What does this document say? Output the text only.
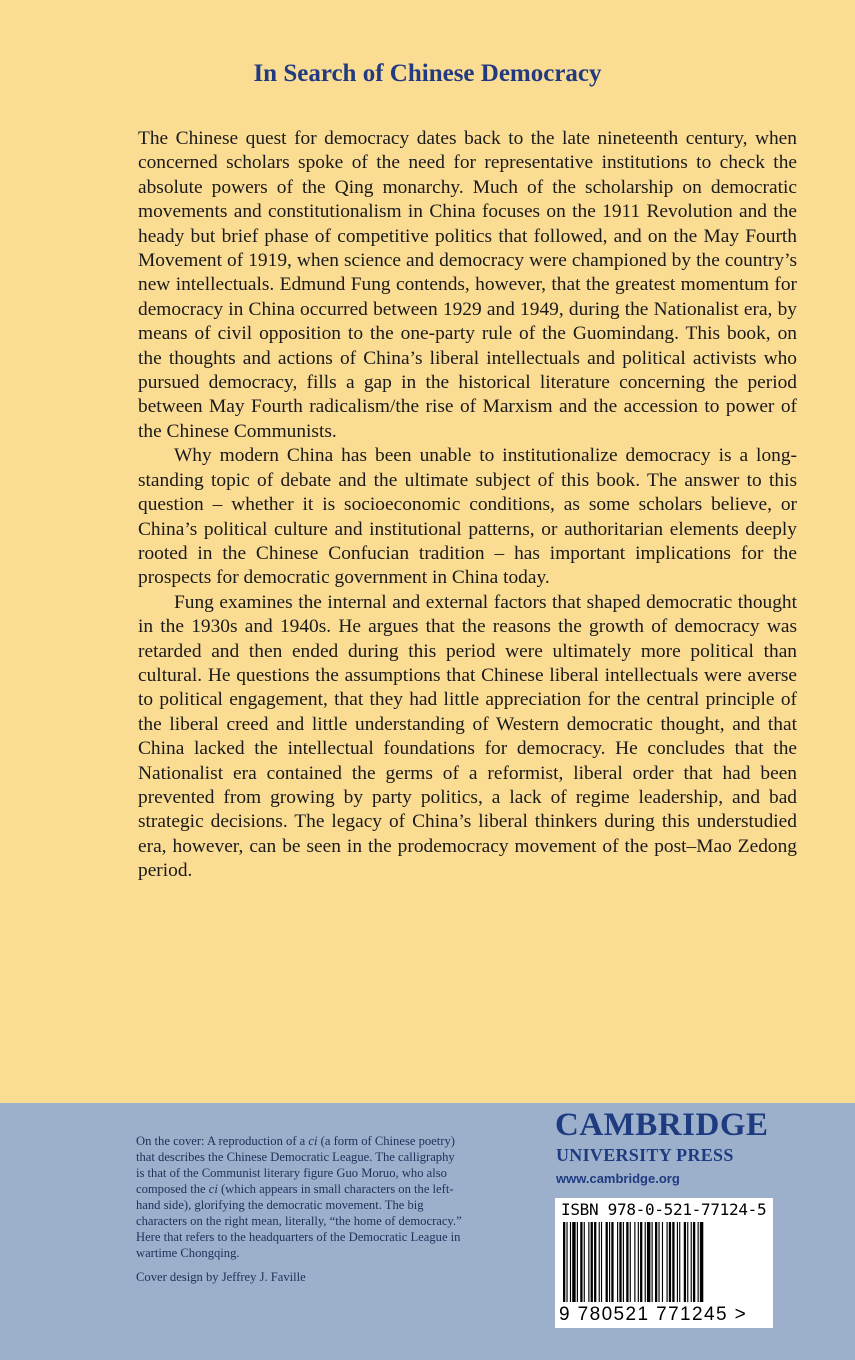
In Search of Chinese Democracy

The Chinese quest for democracy dates back to the late nineteenth century, when concerned scholars spoke of the need for representative institutions to check the absolute powers of the Qing monarchy. Much of the scholarship on democratic movements and constitutionalism in China focuses on the 1911 Revolution and the heady but brief phase of competitive politics that followed, and on the May Fourth Movement of 1919, when science and democracy were championed by the country’s new intellectuals. Edmund Fung contends, however, that the greatest momentum for democracy in China occurred between 1929 and 1949, during the Nationalist era, by means of civil opposition to the one-party rule of the Guomindang. This book, on the thoughts and actions of China’s liberal intellectuals and political activists who pursued democracy, fills a gap in the historical literature concerning the period between May Fourth radicalism/the rise of Marxism and the accession to power of the Chinese Communists.

Why modern China has been unable to institutionalize democracy is a long-standing topic of debate and the ultimate subject of this book. The answer to this question – whether it is socioeconomic conditions, as some scholars believe, or China’s political culture and institutional patterns, or authoritarian elements deeply rooted in the Chinese Confucian tradition – has important implications for the prospects for democratic government in China today.

Fung examines the internal and external factors that shaped democratic thought in the 1930s and 1940s. He argues that the reasons the growth of democracy was retarded and then ended during this period were ultimately more political than cultural. He questions the assumptions that Chinese liberal intellectuals were averse to political engagement, that they had little appreciation for the central principle of the liberal creed and little understanding of Western democratic thought, and that China lacked the intellectual foundations for democracy. He concludes that the Nationalist era contained the germs of a reformist, liberal order that had been prevented from growing by party politics, a lack of regime leadership, and bad strategic decisions. The legacy of China’s liberal thinkers during this understudied era, however, can be seen in the prodemocracy movement of the post–Mao Zedong period.

On the cover: A reproduction of a ci (a form of Chinese poetry) that describes the Chinese Democratic League. The calligraphy is that of the Communist literary figure Guo Moruo, who also composed the ci (which appears in small characters on the left-hand side), glorifying the democratic movement. The big characters on the right mean, literally, “the home of democracy.” Here that refers to the headquarters of the Democratic League in wartime Chongqing.

Cover design by Jeffrey J. Faville

CAMBRIDGE
UNIVERSITY PRESS
www.cambridge.org
ISBN 978-0-521-77124-5
9 780521 771245 >
